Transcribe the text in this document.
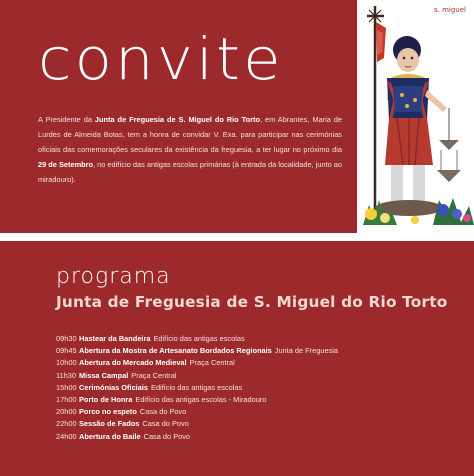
convite

A Presidente da Junta de Freguesia de S. Miguel do Rio Torto, em Abrantes, Maria de Lurdes de Almeida Botas, tem a honra de convidar V. Exa. para participar nas cerimónias oficiais das comemorações seculares da existência da freguesia, a ter lugar no próximo dia 29 de Setembro, no edifício das antigas escolas primárias (à entrada da localidade, junto ao miradouro).

s. miguel
programa
Junta de Freguesia de S. Miguel do Rio Torto
09h30 Hastear da Bandeira Edifício das antigas escolas
09h45 Abertura da Mostra de Artesanato Bordados Regionais Junta de Freguesia
10h00 Abertura do Mercado Medieval Praça Central
11h30 Missa Campal Praça Central
15h00 Cerimónias Oficiais Edifício das antigas escolas
17h00 Porto de Honra Edifício das antigas escolas - Miradouro
20h00 Porco no espeto Casa do Povo
22h00 Sessão de Fados Casa do Povo
24h00 Abertura do Baile Casa do Povo
